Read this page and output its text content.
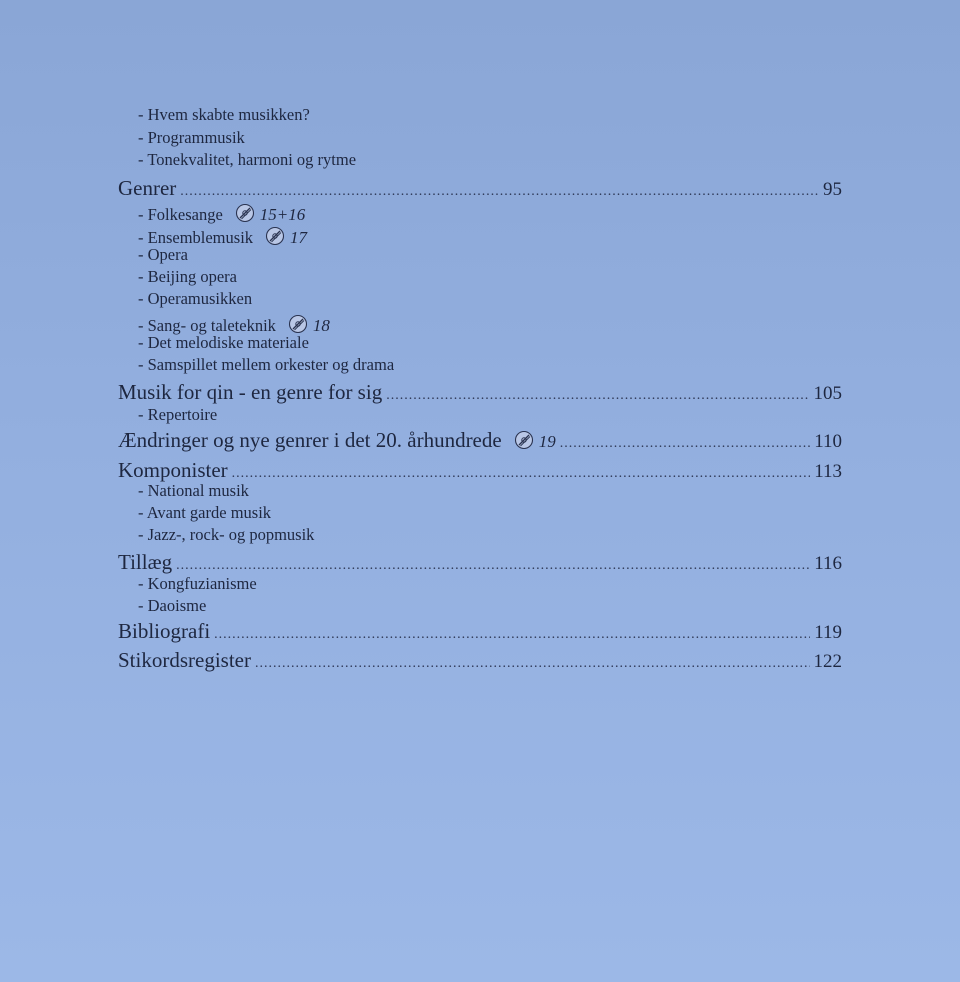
- Hvem skabte musikken?
- Programmusik
- Tonekvalitet, harmoni og rytme
Genrer .....	95
- Folkesange 15+16
- Ensemblemusik 17
- Opera
- Beijing opera
- Operamusikken
- Sang- og taleteknik 18
- Det melodiske materiale
- Samspillet mellem orkester og drama
Musik for qin - en genre for sig .....	105
- Repertoire
Ændringer og nye genrer i det 20. århundrede 19 .....	110
Komponister .....	113
- National musik
- Avant garde musik
- Jazz-, rock- og popmusik
Tillæg .....	116
- Kongfuzianisme
- Daoisme
Bibliografi .....	119
Stikordsregister .....	122
